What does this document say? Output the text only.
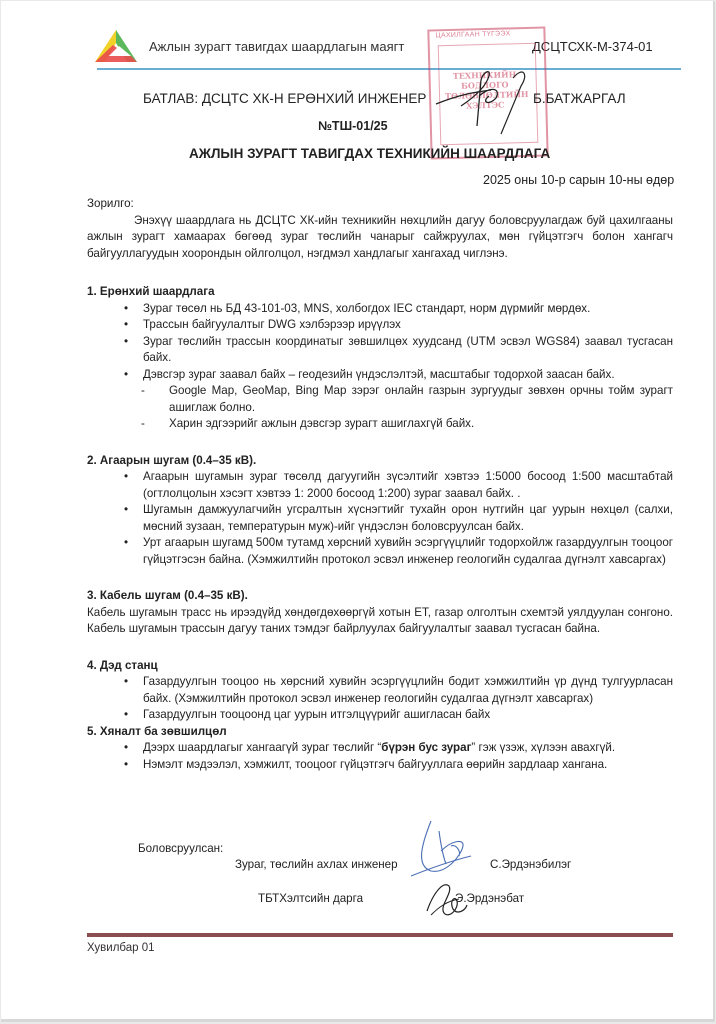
Ажлын зурагт тавигдах шаардлагын маягт	ДСЦТСХК-М-374-01
ЦАХИЛГААН ТҮГЭЭХ
ТЕХНИКИЙН
БОДЛОГО
ТӨЛӨВЛӨЛТИЙН
ХЭЛТЭС
БАТЛАВ: ДСЦТС ХК-Н ЕРӨНХИЙ ИНЖЕНЕР	Б.БАТЖАРГАЛ
№ТШ-01/25
АЖЛЫН ЗУРАГТ ТАВИГДАХ ТЕХНИКИЙН ШААРДЛАГА
2025 оны 10-р сарын 10-ны өдөр
Зорилго:

Энэхүү шаардлага нь ДСЦТС ХК-ийн техникийн нөхцлийн дагуу боловсруулагдаж буй цахилгааны ажлын зурагт хамаарах бөгөөд зураг төслийн чанарыг сайжруулах, мөн гүйцэтгэгч болон хангагч байгууллагуудын хоорондын ойлголцол, нэгдмэл хандлагыг хангахад чиглэнэ.

1. Ерөнхий шаардлага

• Зураг төсөл нь БД 43-101-03, MNS, холбогдох IEC стандарт, норм дүрмийг мөрдөх.
• Трассын байгуулалтыг DWG хэлбэрээр ирүүлэх
• Зураг төслийн трассын координатыг зөвшилцөх хуудсанд (UTM эсвэл WGS84) заавал тусгасан байх.
• Дэвсгэр зураг заавал байх – геодезийн үндэслэлтэй, масштабыг тодорхой заасан байх.
- Google Map, GeoMap, Bing Map зэрэг онлайн газрын зургуудыг зөвхөн орчны тойм зурагт ашиглаж болно.
- Харин эдгээрийг ажлын дэвсгэр зурагт ашиглахгүй байх.

2. Агаарын шугам (0.4–35 кВ).

• Агаарын шугамын зураг төсөлд дагуугийн зүсэлтийг хэвтээ 1:5000 босоод 1:500 масштабтай (огтлолцолын хэсэгт хэвтээ 1: 2000 босоод 1:200) зураг заавал байх. .
• Шугамын дамжуулагчийн угсралтын хүснэгтийг тухайн орон нутгийн цаг уурын нөхцөл (салхи, мөсний зузаан, температурын муж)-ийг үндэслэн боловсруулсан байх.
• Урт агаарын шугамд 500м тутамд хөрсний хувийн эсэргүүцлийг тодорхойлж газардуулгын тооцоог гүйцэтгэсэн байна. (Хэмжилтийн протокол эсвэл инженер геологийн судалгаа дүгнэлт хавсаргах)

3. Кабель шугам (0.4–35 кВ).

Кабель шугамын трасс нь ирээдүйд хөндөгдөхөөргүй хотын ЕТ, газар олголтын схемтэй уялдуулан сонгоно. Кабель шугамын трассын дагуу таних тэмдэг байрлуулах байгуулалтыг заавал тусгасан байна.

4. Дэд станц

• Газардуулгын тооцоо нь хөрсний хувийн эсэргүүцлийн бодит хэмжилтийн үр дүнд тулгуурласан байх. (Хэмжилтийн протокол эсвэл инженер геологийн судалгаа дүгнэлт хавсаргах)
• Газардуулгын тооцоонд цаг уурын итгэлцүүрийг ашигласан байх

5. Хяналт ба зөвшилцөл

• Дээрх шаардлагыг хангаагүй зураг төслийг “бүрэн бус зураг” гэж үзэж, хүлээн авахгүй.
• Нэмэлт мэдээлэл, хэмжилт, тооцоог гүйцэтгэгч байгууллага өөрийн зардлаар хангана.
Боловсруулсан:
Зураг, төслийн ахлах инженер	С.Эрдэнэбилэг
ТБТХэлтсийн дарга	Э.Эрдэнэбат
Хувилбар 01
